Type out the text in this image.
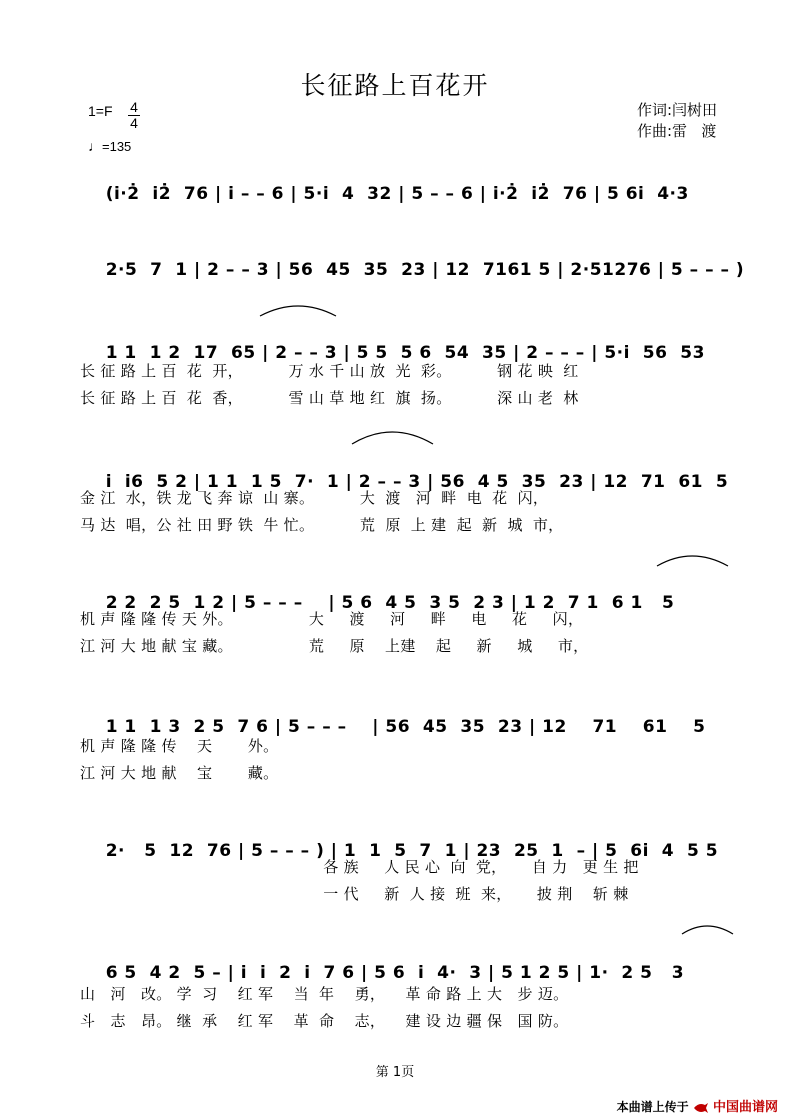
长征路上百花开
1=F 4
4
♩=135
作词:闫树田
作曲:雷   渡

(i·2̇  i2̇  76 | i – – 6 | 5·i  4  32 | 5 – – 6 | i·2̇  i2̇  76 | 5 6i  4·3

2·5  7  1 | 2 – – 3 | 56  45  35  23 | 12  7161 5 | 2·51276 | 5 – – – )

1 1  1 2  17  65 | 2 – – 3 | 5 5  5 6  54  35 | 2 – – – | 5·i  56  53

长 征 路 上 百  花  开，         万 水 千 山 放  光  彩。         钢 花 映  红
长 征 路 上 百  花  香，         雪 山 草 地 红  旗  扬。         深 山 老  林

i  i6  5 2 | 1 1  1 5  7·  1 | 2 – – 3 | 56  4 5  35  23 | 12  71  61  5

金 江  水，铁 龙 飞 奔 谅  山 寨。         大  渡   河  畔  电  花  闪，
马 达  唱，公 社 田 野 铁  牛 忙。         荒  原  上 建  起  新  城  市，

2 2  2 5  1 2 | 5 – – –    | 5 6  4 5  3 5  2 3 | 1 2  7 1  6 1   5

机 声 隆 隆 传 天 外。               大     渡     河     畔     电     花     闪，
江 河 大 地 献 宝 藏。               荒     原    上建    起     新     城     市，

1 1  1 3  2 5  7 6 | 5 – – –    | 56  45  35  23 | 12    71    61    5

机 声 隆 隆 传    天       外。
江 河 大 地 献    宝       藏。

2·   5  12  76 | 5 – – – ) | 1  1  5  7  1 | 23  25  1  – | 5  6i  4  5 5

各 族     人 民 心  向  党，     自 力   更 生 把
一 代     新  人 接  班  来，     披 荆    斩 棘

6 5  4 2  5 – | i  i  2  i  7 6 | 5 6  i  4·  3 | 5 1 2 5 | 1·  2 5   3

山   河   改。 学  习    红 军    当  年    勇，    革 命 路 上 大   步 迈。
斗   志   昂。 继  承    红 军    革  命    志，    建 设 边 疆 保   国 防。
第 1页
本曲谱上传于 中国曲谱网
